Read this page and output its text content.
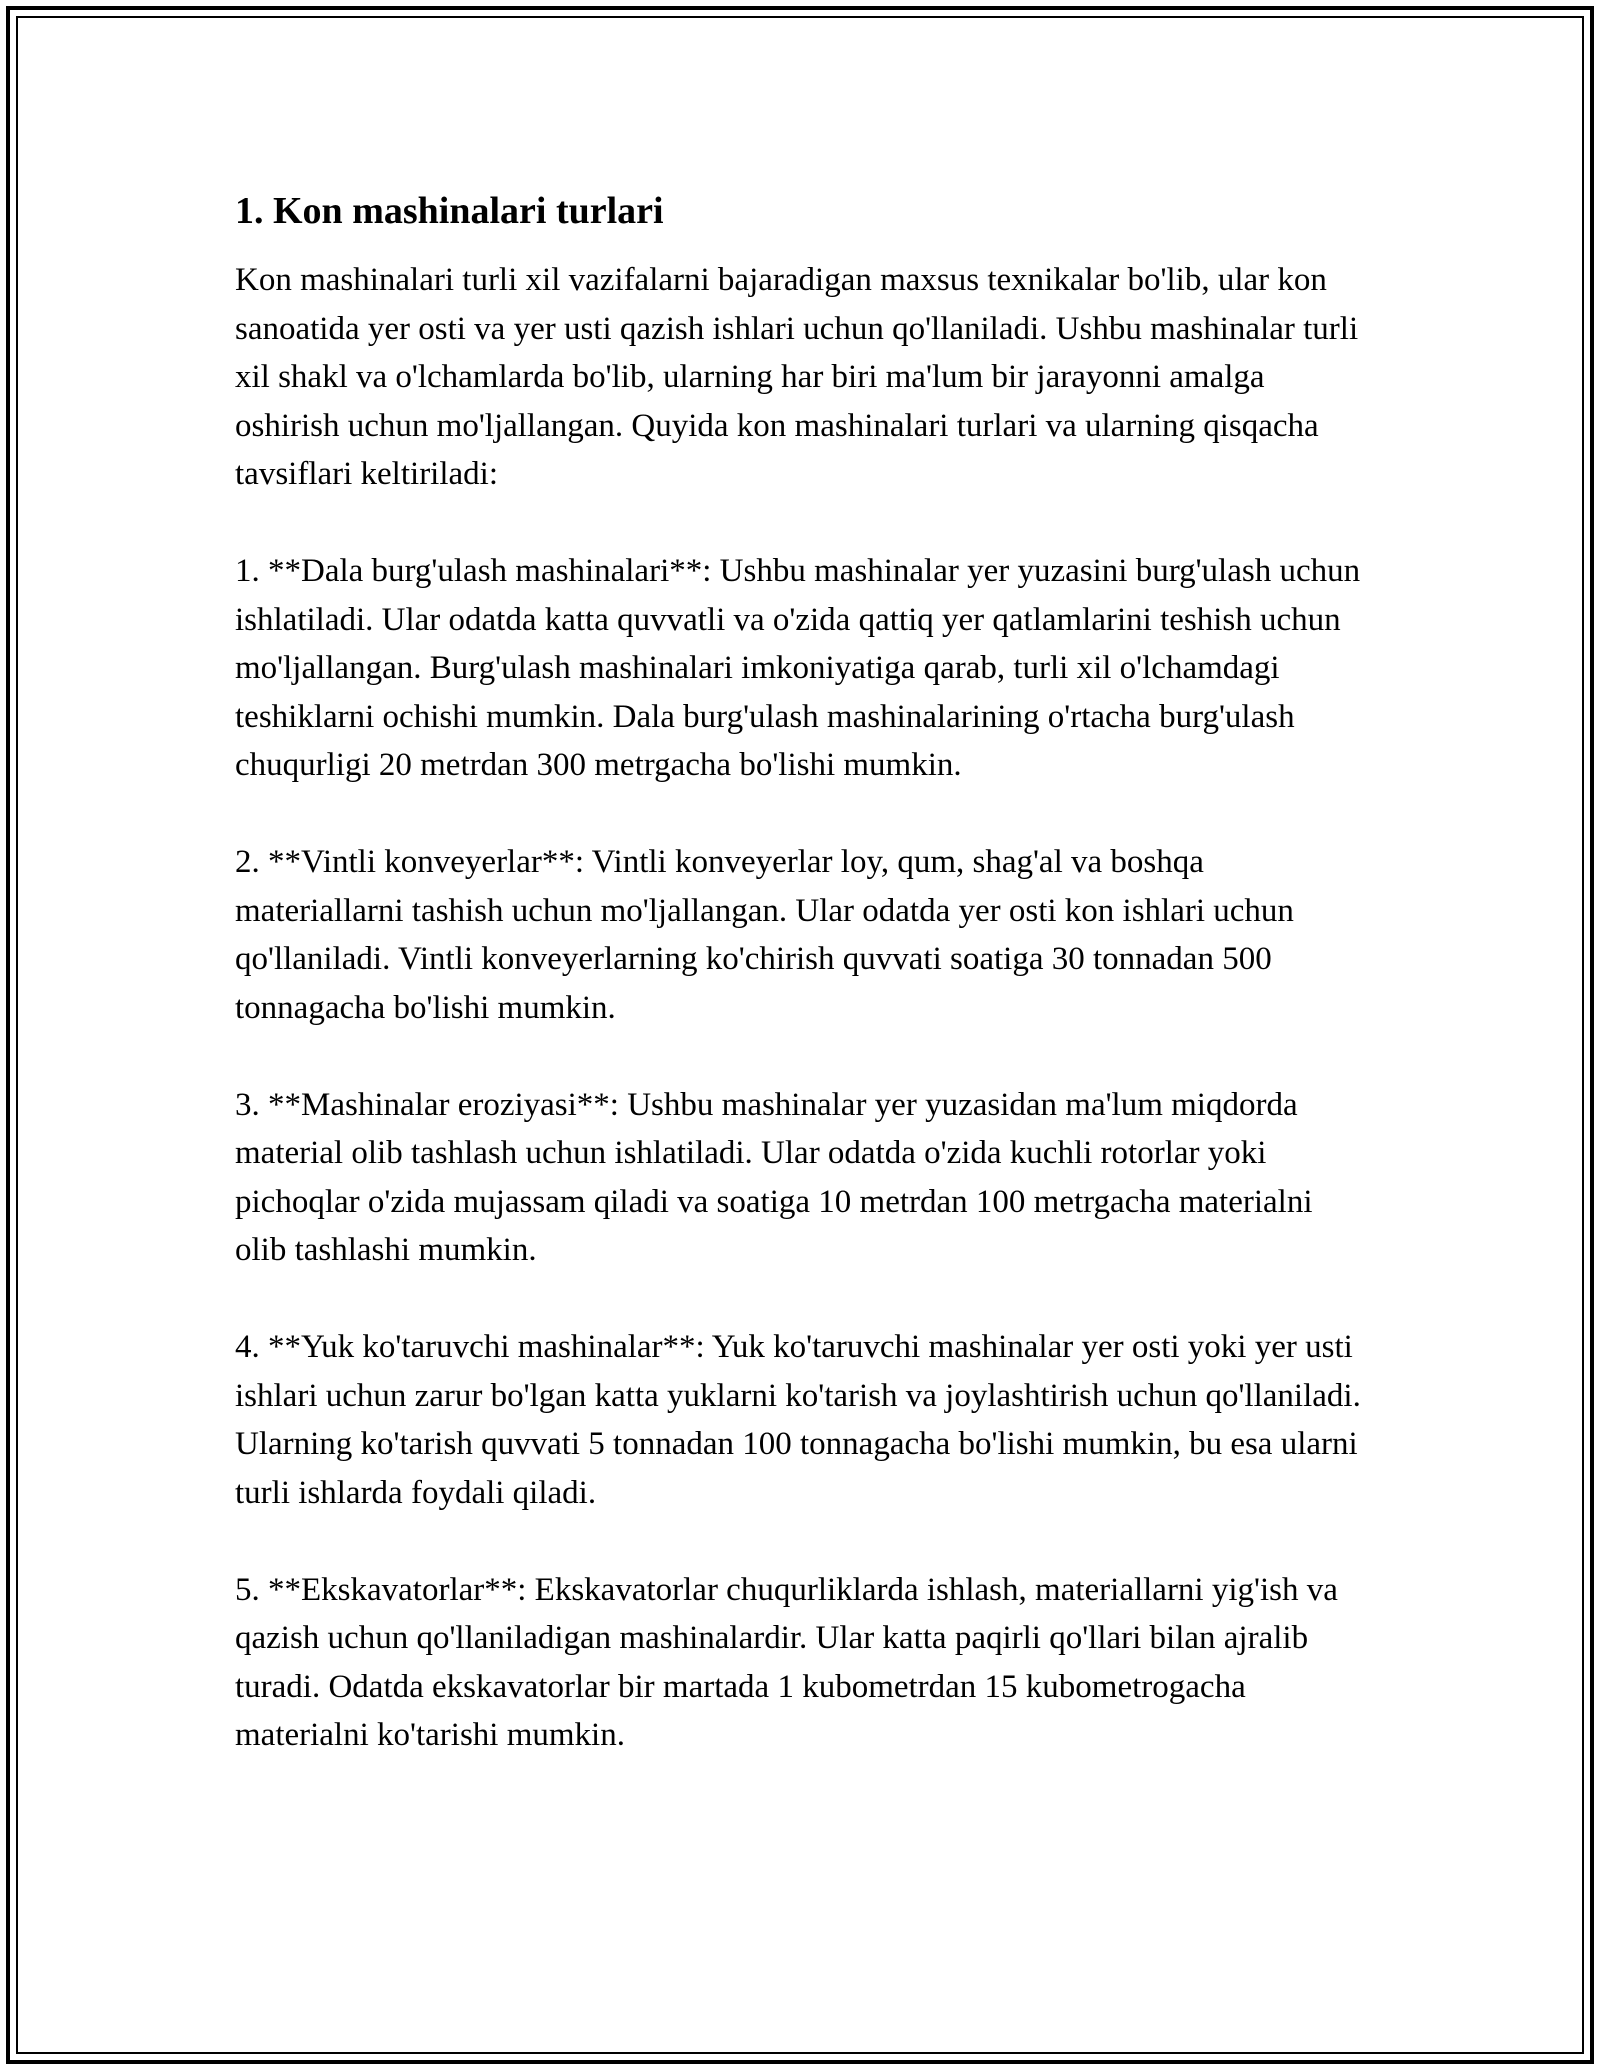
1. Kon mashinalari turlari

Kon mashinalari turli xil vazifalarni bajaradigan maxsus texnikalar bo'lib, ular kon sanoatida yer osti va yer usti qazish ishlari uchun qo'llaniladi. Ushbu mashinalar turli xil shakl va o'lchamlarda bo'lib, ularning har biri ma'lum bir jarayonni amalga oshirish uchun mo'ljallangan. Quyida kon mashinalari turlari va ularning qisqacha tavsiflari keltiriladi:

1. **Dala burg'ulash mashinalari**: Ushbu mashinalar yer yuzasini burg'ulash uchun ishlatiladi. Ular odatda katta quvvatli va o'zida qattiq yer qatlamlarini teshish uchun mo'ljallangan. Burg'ulash mashinalari imkoniyatiga qarab, turli xil o'lchamdagi teshiklarni ochishi mumkin. Dala burg'ulash mashinalarining o'rtacha burg'ulash chuqurligi 20 metrdan 300 metrgacha bo'lishi mumkin.

2. **Vintli konveyerlar**: Vintli konveyerlar loy, qum, shag'al va boshqa materiallarni tashish uchun mo'ljallangan. Ular odatda yer osti kon ishlari uchun qo'llaniladi. Vintli konveyerlarning ko'chirish quvvati soatiga 30 tonnadan 500 tonnagacha bo'lishi mumkin.

3. **Mashinalar eroziyasi**: Ushbu mashinalar yer yuzasidan ma'lum miqdorda material olib tashlash uchun ishlatiladi. Ular odatda o'zida kuchli rotorlar yoki pichoqlar o'zida mujassam qiladi va soatiga 10 metrdan 100 metrgacha materialni olib tashlashi mumkin.

4. **Yuk ko'taruvchi mashinalar**: Yuk ko'taruvchi mashinalar yer osti yoki yer usti ishlari uchun zarur bo'lgan katta yuklarni ko'tarish va joylashtirish uchun qo'llaniladi. Ularning ko'tarish quvvati 5 tonnadan 100 tonnagacha bo'lishi mumkin, bu esa ularni turli ishlarda foydali qiladi.

5. **Ekskavatorlar**: Ekskavatorlar chuqurliklarda ishlash, materiallarni yig'ish va qazish uchun qo'llaniladigan mashinalardir. Ular katta paqirli qo'llari bilan ajralib turadi. Odatda ekskavatorlar bir martada 1 kubometrdan 15 kubometrogacha materialni ko'tarishi mumkin.
